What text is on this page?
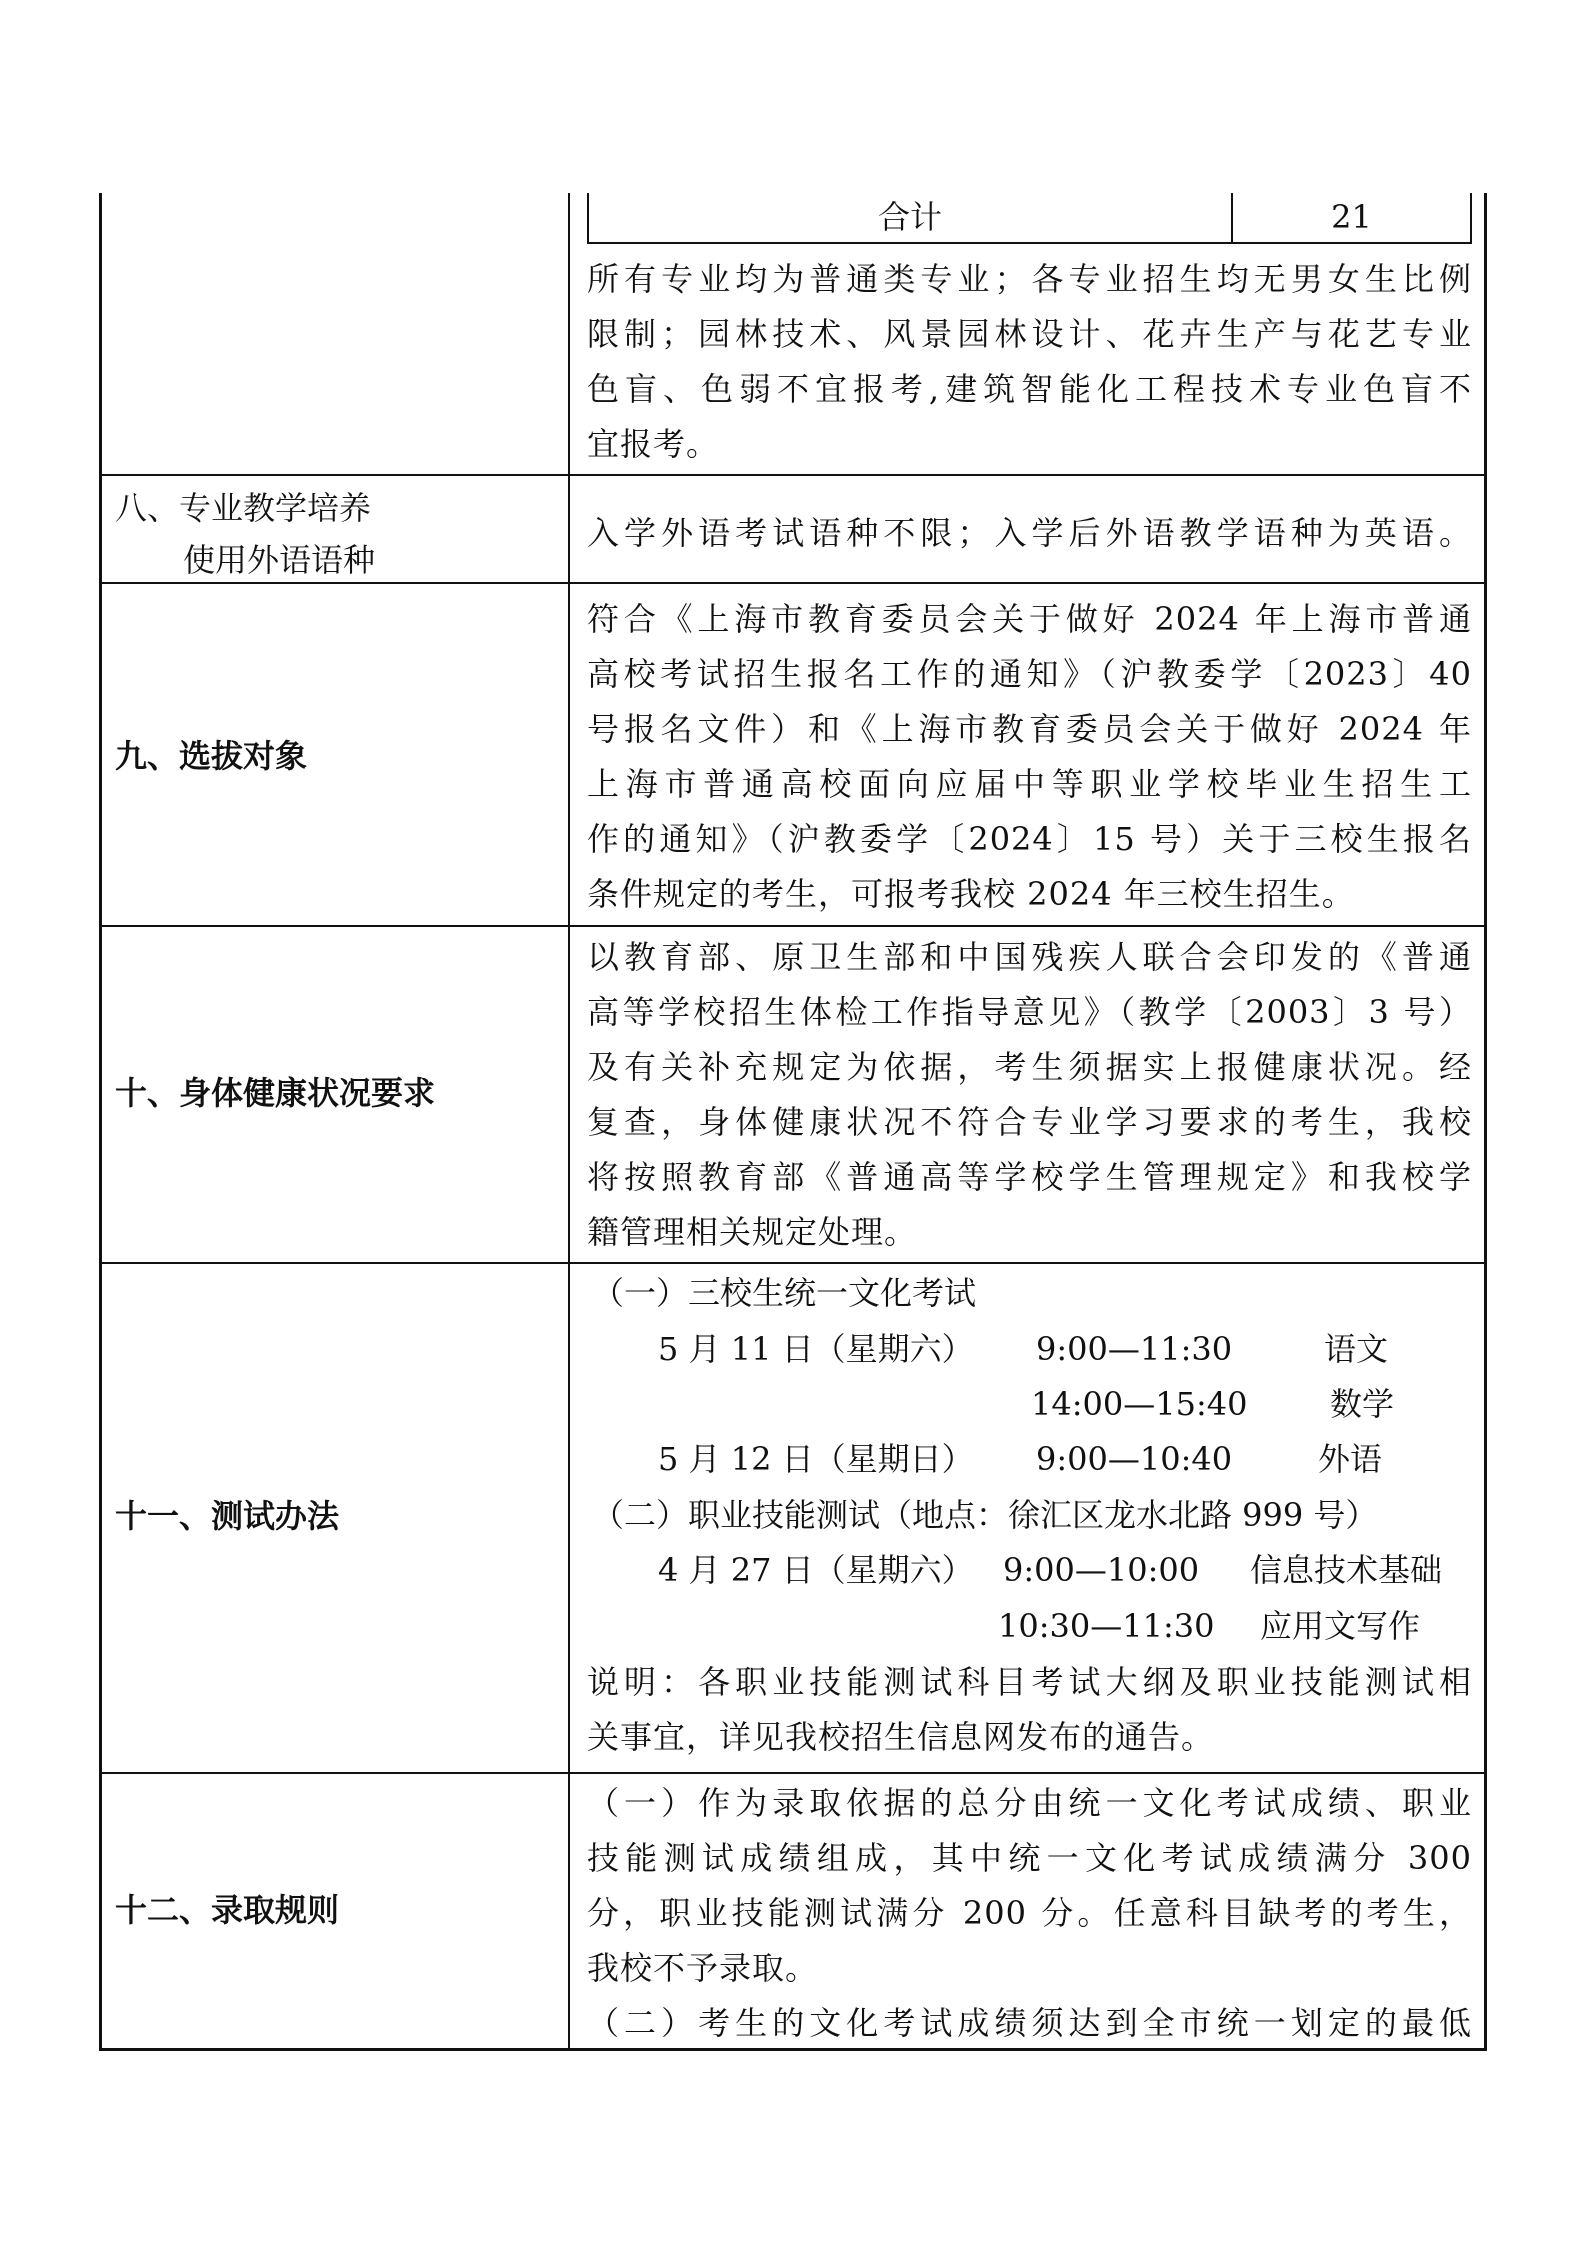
合计	21
所有专业均为普通类专业；各专业招生均无男女生比例
限制；园林技术、风景园林设计、花卉生产与花艺专业
色盲、色弱不宜报考,建筑智能化工程技术专业色盲不
宜报考。
八、专业教学培养
使用外语语种
入学外语考试语种不限；入学后外语教学语种为英语。
九、选拔对象
符合《上海市教育委员会关于做好 2024 年上海市普通
高校考试招生报名工作的通知》（沪教委学〔2023〕40
号报名文件）和《上海市教育委员会关于做好 2024 年
上海市普通高校面向应届中等职业学校毕业生招生工
作的通知》（沪教委学〔2024〕15 号）关于三校生报名
条件规定的考生，可报考我校 2024 年三校生招生。
十、身体健康状况要求
以教育部、原卫生部和中国残疾人联合会印发的《普通
高等学校招生体检工作指导意见》（教学〔2003〕3 号）
及有关补充规定为依据，考生须据实上报健康状况。经
复查，身体健康状况不符合专业学习要求的考生，我校
将按照教育部《普通高等学校学生管理规定》和我校学
籍管理相关规定处理。
十一、测试办法
（一）三校生统一文化考试
5 月 11 日（星期六） 9:00—11:30	语文
14:00—15:40	数学
5 月 12 日（星期日） 9:00—10:40	外语
（二）职业技能测试（地点：徐汇区龙水北路 999 号）
4 月 27 日（星期六） 9:00—10:00 信息技术基础
10:30—11:30 应用文写作
说明：各职业技能测试科目考试大纲及职业技能测试相
关事宜，详见我校招生信息网发布的通告。
十二、录取规则
（一）作为录取依据的总分由统一文化考试成绩、职业
技能测试成绩组成，其中统一文化考试成绩满分 300
分，职业技能测试满分 200 分。任意科目缺考的考生，
我校不予录取。
（二）考生的文化考试成绩须达到全市统一划定的最低
